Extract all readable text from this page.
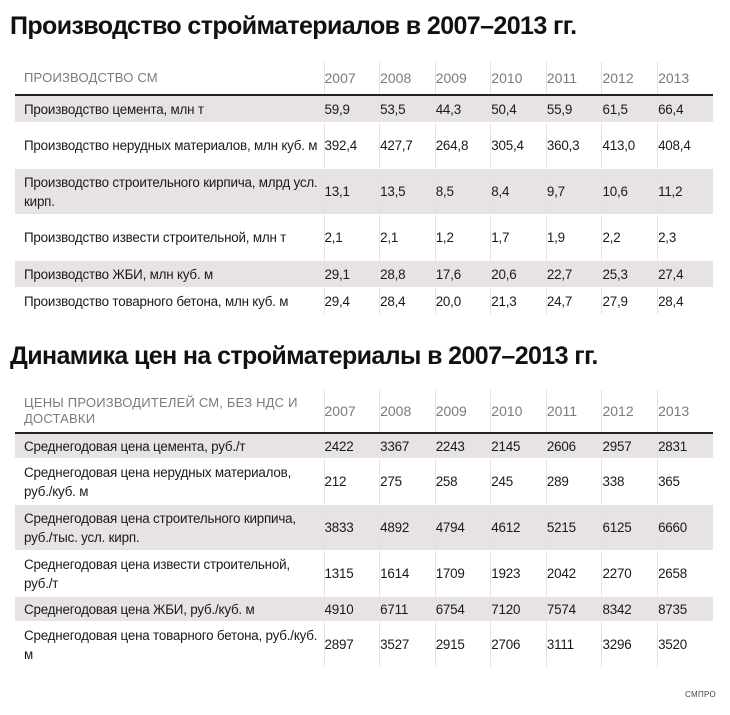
Производство стройматериалов в 2007–2013 гг.
ПРОИЗВОДСТВО СМ	2007	2008	2009	2010	2011	2012	2013
Производство цемента, млн т	59,9	53,5	44,3	50,4	55,9	61,5	66,4
Производство нерудных материалов, млн куб. м	392,4	427,7	264,8	305,4	360,3	413,0	408,4
Производство строительного кирпича, млрд усл. кирп.	13,1	13,5	8,5	8,4	9,7	10,6	11,2
Производство извести строительной, млн т	2,1	2,1	1,2	1,7	1,9	2,2	2,3
Производство ЖБИ, млн куб. м	29,1	28,8	17,6	20,6	22,7	25,3	27,4
Производство товарного бетона, млн куб. м	29,4	28,4	20,0	21,3	24,7	27,9	28,4
Динамика цен на стройматериалы в 2007–2013 гг.
ЦЕНЫ ПРОИЗВОДИТЕЛЕЙ СМ, БЕЗ НДС И ДОСТАВКИ	2007	2008	2009	2010	2011	2012	2013
Среднегодовая цена цемента, руб./т	2422	3367	2243	2145	2606	2957	2831
Среднегодовая цена нерудных материалов, руб./куб. м	212	275	258	245	289	338	365
Среднегодовая цена строительного кирпича, руб./тыс. усл. кирп.	3833	4892	4794	4612	5215	6125	6660
Среднегодовая цена извести строительной, руб./т	1315	1614	1709	1923	2042	2270	2658
Среднегодовая цена ЖБИ, руб./куб. м	4910	6711	6754	7120	7574	8342	8735
Среднегодовая цена товарного бетона, руб./куб. м	2897	3527	2915	2706	3111	3296	3520
СМПРО
